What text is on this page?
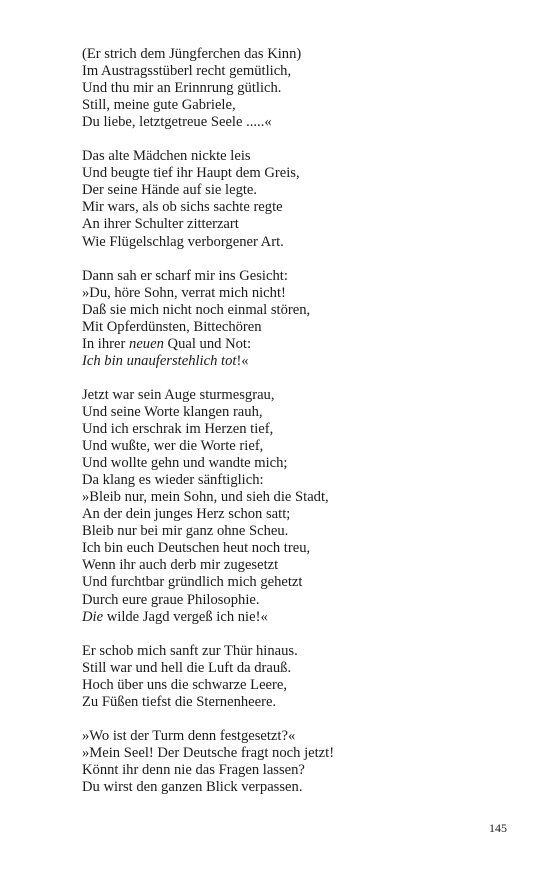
(Er strich dem Jüngferchen das Kinn)
Im Austragsstüberl recht gemütlich,
Und thu mir an Erinnrung gütlich.
Still, meine gute Gabriele,
Du liebe, letztgetreue Seele .....«
Das alte Mädchen nickte leis
Und beugte tief ihr Haupt dem Greis,
Der seine Hände auf sie legte.
Mir wars, als ob sichs sachte regte
An ihrer Schulter zitterzart
Wie Flügelschlag verborgener Art.
Dann sah er scharf mir ins Gesicht:
»Du, höre Sohn, verrat mich nicht!
Daß sie mich nicht noch einmal stören,
Mit Opferdünsten, Bittechören
In ihrer neuen Qual und Not:
Ich bin unauferstehlich tot!«
Jetzt war sein Auge sturmesgrau,
Und seine Worte klangen rauh,
Und ich erschrak im Herzen tief,
Und wußte, wer die Worte rief,
Und wollte gehn und wandte mich;
Da klang es wieder sänftiglich:
»Bleib nur, mein Sohn, und sieh die Stadt,
An der dein junges Herz schon satt;
Bleib nur bei mir ganz ohne Scheu.
Ich bin euch Deutschen heut noch treu,
Wenn ihr auch derb mir zugesetzt
Und furchtbar gründlich mich gehetzt
Durch eure graue Philosophie.
Die wilde Jagd vergeß ich nie!«
Er schob mich sanft zur Thür hinaus.
Still war und hell die Luft da drauß.
Hoch über uns die schwarze Leere,
Zu Füßen tiefst die Sternenheere.
»Wo ist der Turm denn festgesetzt?«
»Mein Seel! Der Deutsche fragt noch jetzt!
Könnt ihr denn nie das Fragen lassen?
Du wirst den ganzen Blick verpassen.
145
